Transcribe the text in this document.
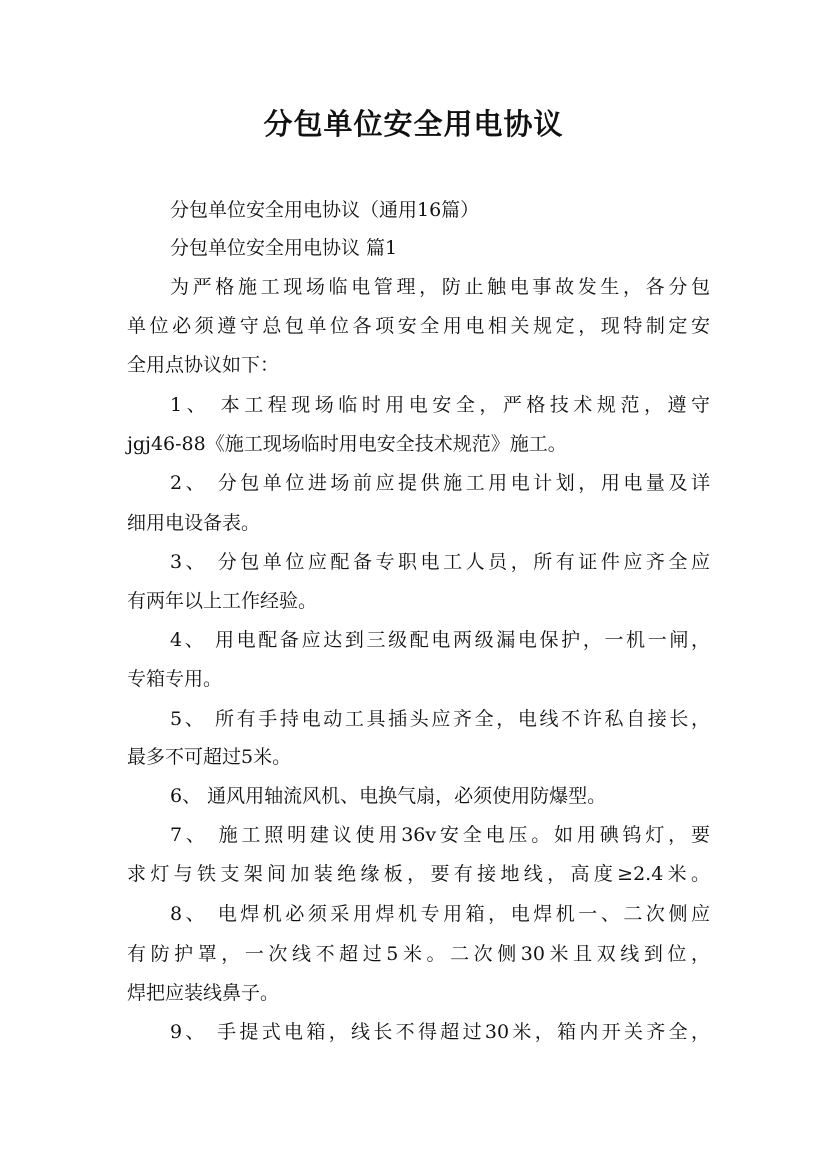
分包单位安全用电协议
分包单位安全用电协议（通用16篇）
分包单位安全用电协议 篇1
为严格施工现场临电管理，防止触电事故发生，各分包
单位必须遵守总包单位各项安全用电相关规定，现特制定安
全用点协议如下：
1、 本工程现场临时用电安全，严格技术规范，遵守
jgj46-88《施工现场临时用电安全技术规范》施工。
2、 分包单位进场前应提供施工用电计划，用电量及详
细用电设备表。
3、 分包单位应配备专职电工人员，所有证件应齐全应
有两年以上工作经验。
4、 用电配备应达到三级配电两级漏电保护，一机一闸，
专箱专用。
5、 所有手持电动工具插头应齐全，电线不许私自接长，
最多不可超过5米。
6、 通风用轴流风机、电换气扇，必须使用防爆型。
7、 施工照明建议使用36v安全电压。如用碘钨灯，要
求灯与铁支架间加装绝缘板，要有接地线，高度≥2.4米。
8、 电焊机必须采用焊机专用箱，电焊机一、二次侧应
有防护罩，一次线不超过5米。二次侧30米且双线到位，
焊把应装线鼻子。
9、 手提式电箱，线长不得超过30米，箱内开关齐全，
